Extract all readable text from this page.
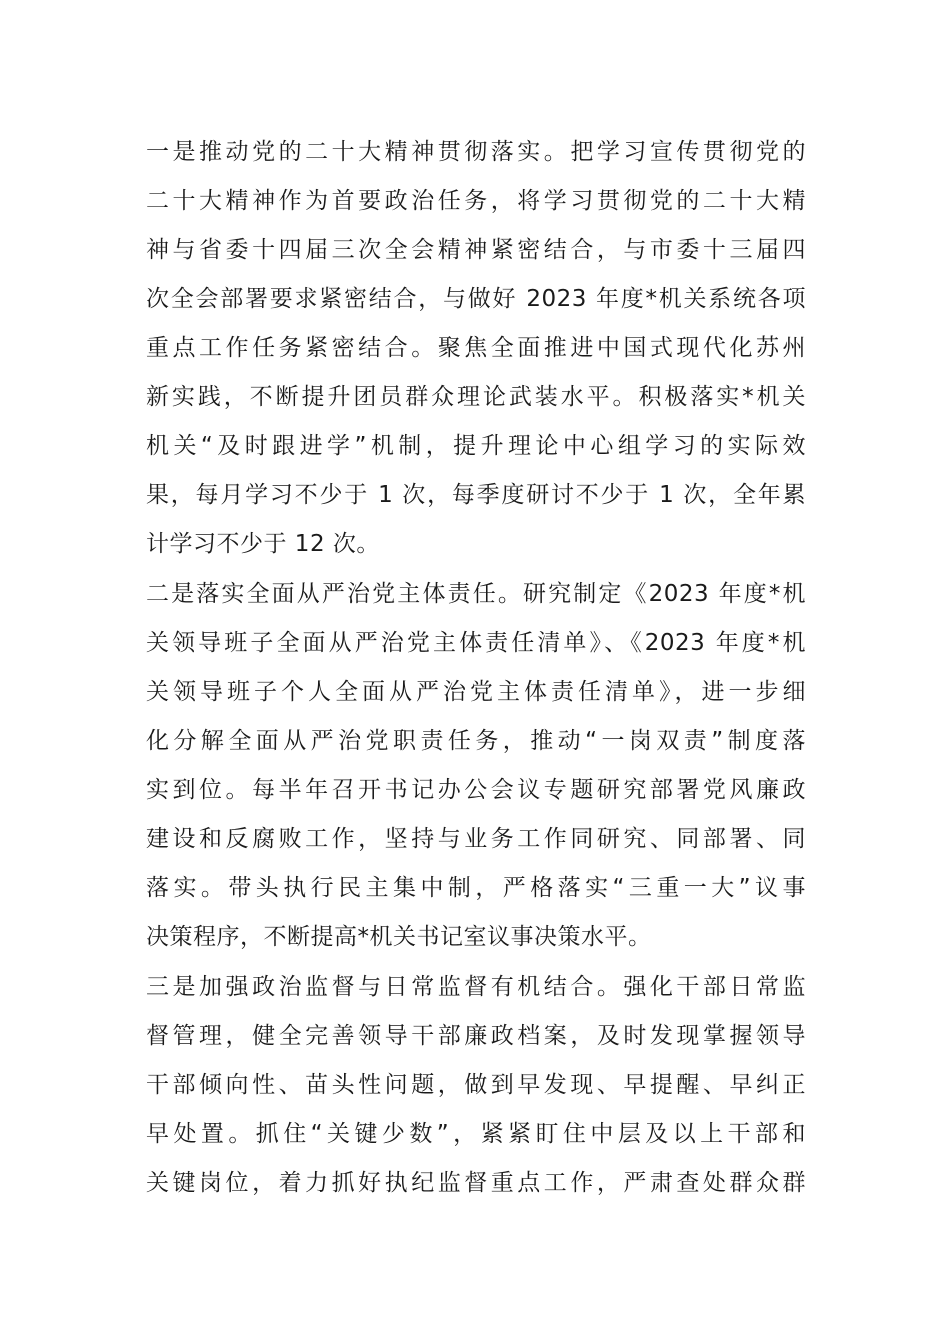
一是推动党的二十大精神贯彻落实。把学习宣传贯彻党的
二十大精神作为首要政治任务，将学习贯彻党的二十大精
神与省委十四届三次全会精神紧密结合，与市委十三届四
次全会部署要求紧密结合，与做好 2023 年度*机关系统各项
重点工作任务紧密结合。聚焦全面推进中国式现代化苏州
新实践，不断提升团员群众理论武装水平。积极落实*机关
机关“及时跟进学”机制，提升理论中心组学习的实际效
果，每月学习不少于 1 次，每季度研讨不少于 1 次，全年累
计学习不少于 12 次。
二是落实全面从严治党主体责任。研究制定《2023 年度*机
关领导班子全面从严治党主体责任清单》、《2023 年度*机
关领导班子个人全面从严治党主体责任清单》，进一步细
化分解全面从严治党职责任务，推动“一岗双责”制度落
实到位。每半年召开书记办公会议专题研究部署党风廉政
建设和反腐败工作，坚持与业务工作同研究、同部署、同
落实。带头执行民主集中制，严格落实“三重一大”议事
决策程序，不断提高*机关书记室议事决策水平。
三是加强政治监督与日常监督有机结合。强化干部日常监
督管理，健全完善领导干部廉政档案，及时发现掌握领导
干部倾向性、苗头性问题，做到早发现、早提醒、早纠正
早处置。抓住“关键少数”，紧紧盯住中层及以上干部和
关键岗位，着力抓好执纪监督重点工作，严肃查处群众群
